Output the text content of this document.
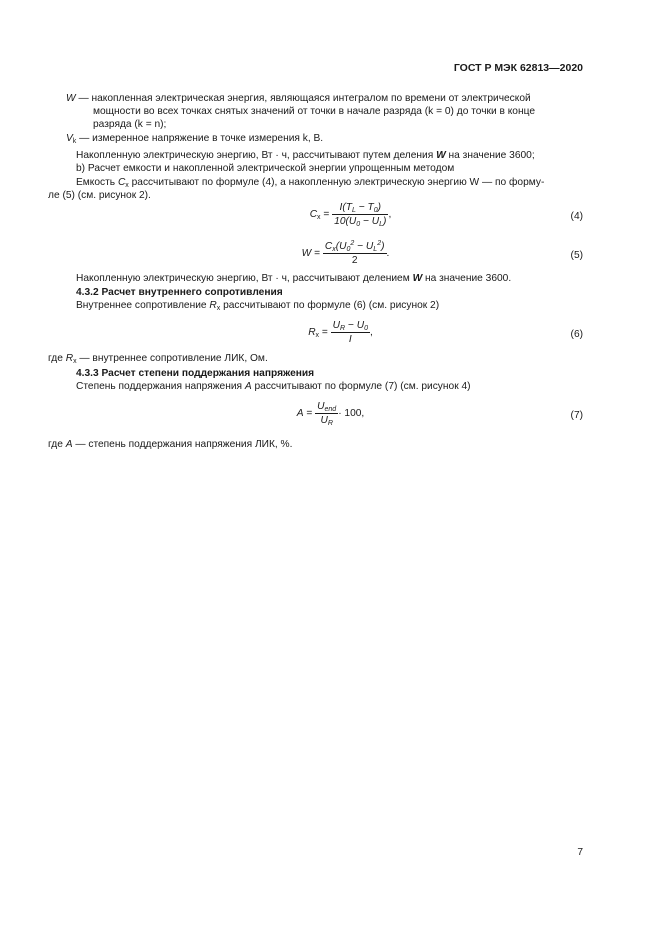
ГОСТ Р МЭК 62813—2020
W — накопленная электрическая энергия, являющаяся интегралом по времени от электрической
мощности во всех точках снятых значений от точки в начале разряда (k = 0) до точки в конце
разряда (k = n);
$V_k$ — измеренное напряжение в точке измерения k, В.
Накопленную электрическую энергию, Вт · ч, рассчитывают путем деления W на значение 3600;
b) Расчет емкости и накопленной электрической энергии упрощенным методом
Емкость $C_x$ рассчитывают по формуле (4), а накопленную электрическую энергию W — по форму-
ле (5) (см. рисунок 2).
$C_x = \frac{I(T_L - T_0)}{10(U_0 - U_L)}$ ,	(4)
$W = \frac{C_x(U_0^2 - U_L^2)}{2}$ .	(5)
Накопленную электрическую энергию, Вт · ч, рассчитывают делением W на значение 3600.
4.3.2 Расчет внутреннего сопротивления
Внутреннее сопротивление $R_x$ рассчитывают по формуле (6) (см. рисунок 2)
$R_x = \frac{U_R - U_0}{I}$ ,	(6)
где $R_x$ — внутреннее сопротивление ЛИК, Ом.
4.3.3 Расчет степени поддержания напряжения
Степень поддержания напряжения A рассчитывают по формуле (7) (см. рисунок 4)
$A = \frac{U_{end}}{U_R} \cdot 100$,	(7)
где A — степень поддержания напряжения ЛИК, %.
7
